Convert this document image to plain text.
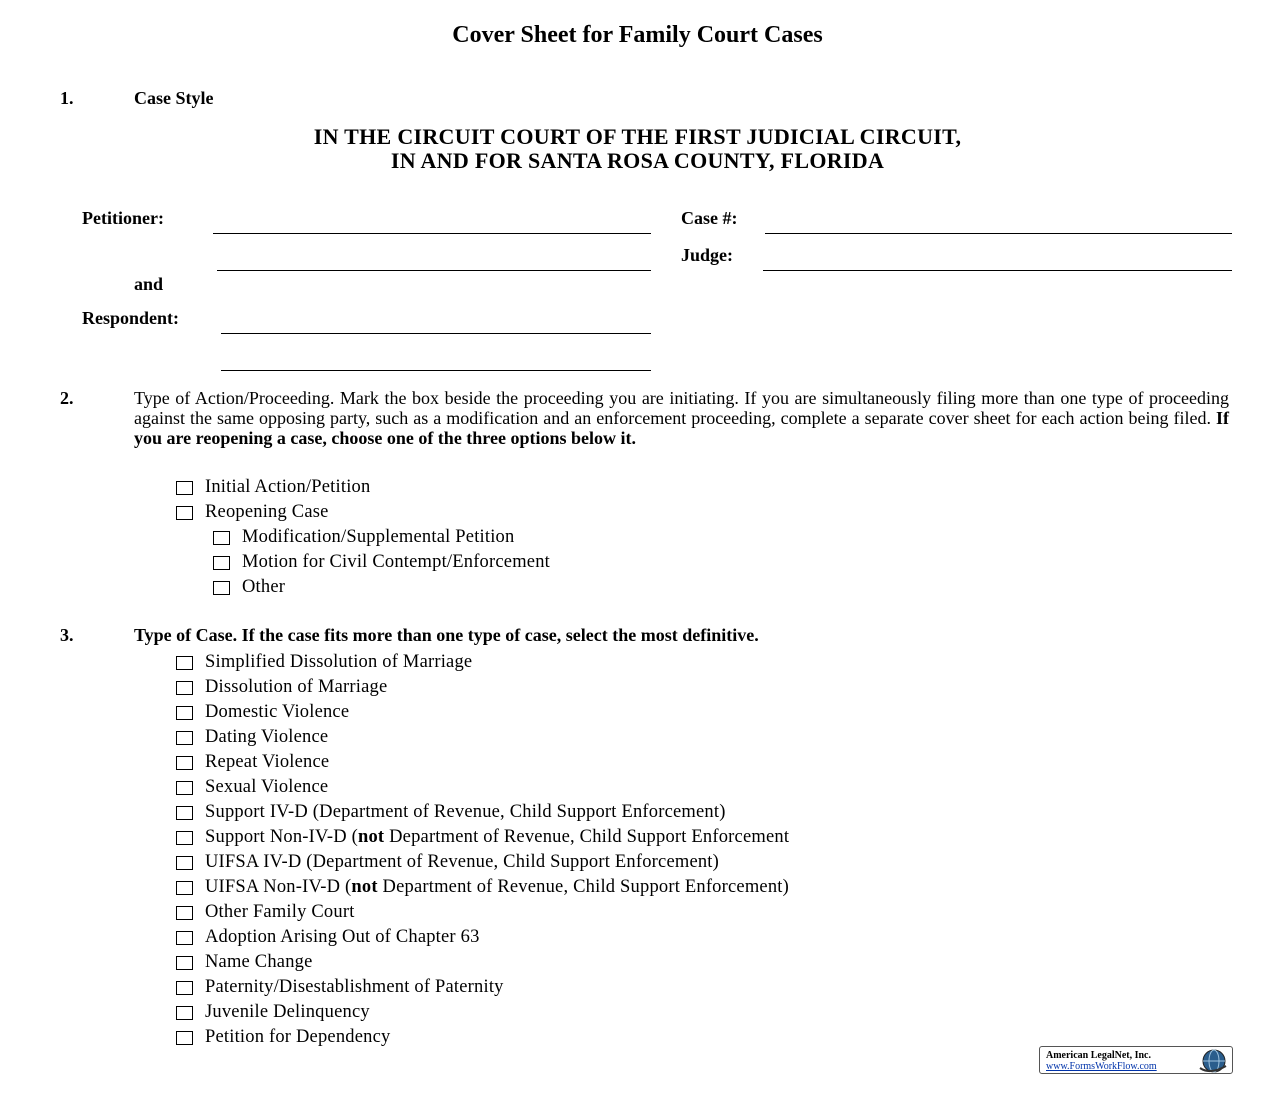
Cover Sheet for Family Court Cases
1.	Case Style
IN THE CIRCUIT COURT OF THE FIRST JUDICIAL CIRCUIT,
IN AND FOR SANTA ROSA COUNTY, FLORIDA
Petitioner:	Case #:
Judge:
and
Respondent:
2.	Type of Action/Proceeding. Mark the box beside the proceeding you are initiating. If you are simultaneously filing more than one type of proceeding against the same opposing party, such as a modification and an enforcement proceeding, complete a separate cover sheet for each action being filed. If you are reopening a case, choose one of the three options below it.
Initial Action/Petition
Reopening Case
Modification/Supplemental Petition
Motion for Civil Contempt/Enforcement
Other
3.	Type of Case. If the case fits more than one type of case, select the most definitive.
Simplified Dissolution of Marriage
Dissolution of Marriage
Domestic Violence
Dating Violence
Repeat Violence
Sexual Violence
Support IV-D (Department of Revenue, Child Support Enforcement)
Support Non-IV-D (not Department of Revenue, Child Support Enforcement
UIFSA IV-D (Department of Revenue, Child Support Enforcement)
UIFSA Non-IV-D (not Department of Revenue, Child Support Enforcement)
Other Family Court
Adoption Arising Out of Chapter 63
Name Change
Paternity/Disestablishment of Paternity
Juvenile Delinquency
Petition for Dependency
American LegalNet, Inc.
www.FormsWorkFlow.com
